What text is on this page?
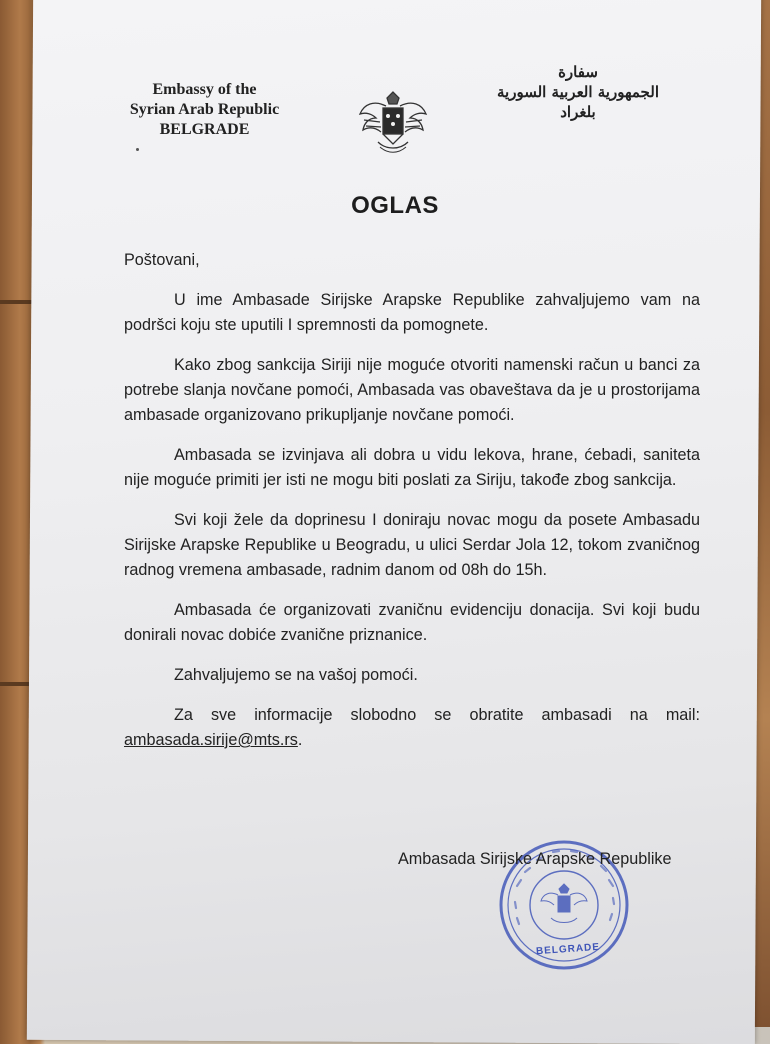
Embassy of the
Syrian Arab Republic
BELGRADE
سفارة
الجمهورية العربية السورية
بلغراد
OGLAS

Poštovani,

U ime Ambasade Sirijske Arapske Republike zahvaljujemo vam na podršci koju ste uputili I spremnosti da pomognete.

Kako zbog sankcija Siriji nije moguće otvoriti namenski račun u banci za potrebe slanja novčane pomoći, Ambasada vas obaveštava da je u prostorijama ambasade organizovano prikupljanje novčane pomoći.

Ambasada se izvinjava ali dobra u vidu lekova, hrane, ćebadi, saniteta nije moguće primiti jer isti ne mogu biti poslati za Siriju, takođe zbog sankcija.

Svi koji žele da doprinesu I doniraju novac mogu da posete Ambasadu Sirijske Arapske Republike u Beogradu, u ulici Serdar Jola 12, tokom zvaničnog radnog vremena ambasade, radnim danom od 08h do 15h.

Ambasada će organizovati zvaničnu evidenciju donacija. Svi koji budu donirali novac dobiće zvanične priznanice.

Zahvaljujemo se na vašoj pomoći.

Za sve informacije slobodno se obratite ambasadi na mail: ambasada.sirije@mts.rs.

BELGRADE
Ambasada Sirijske Arapske Republike
